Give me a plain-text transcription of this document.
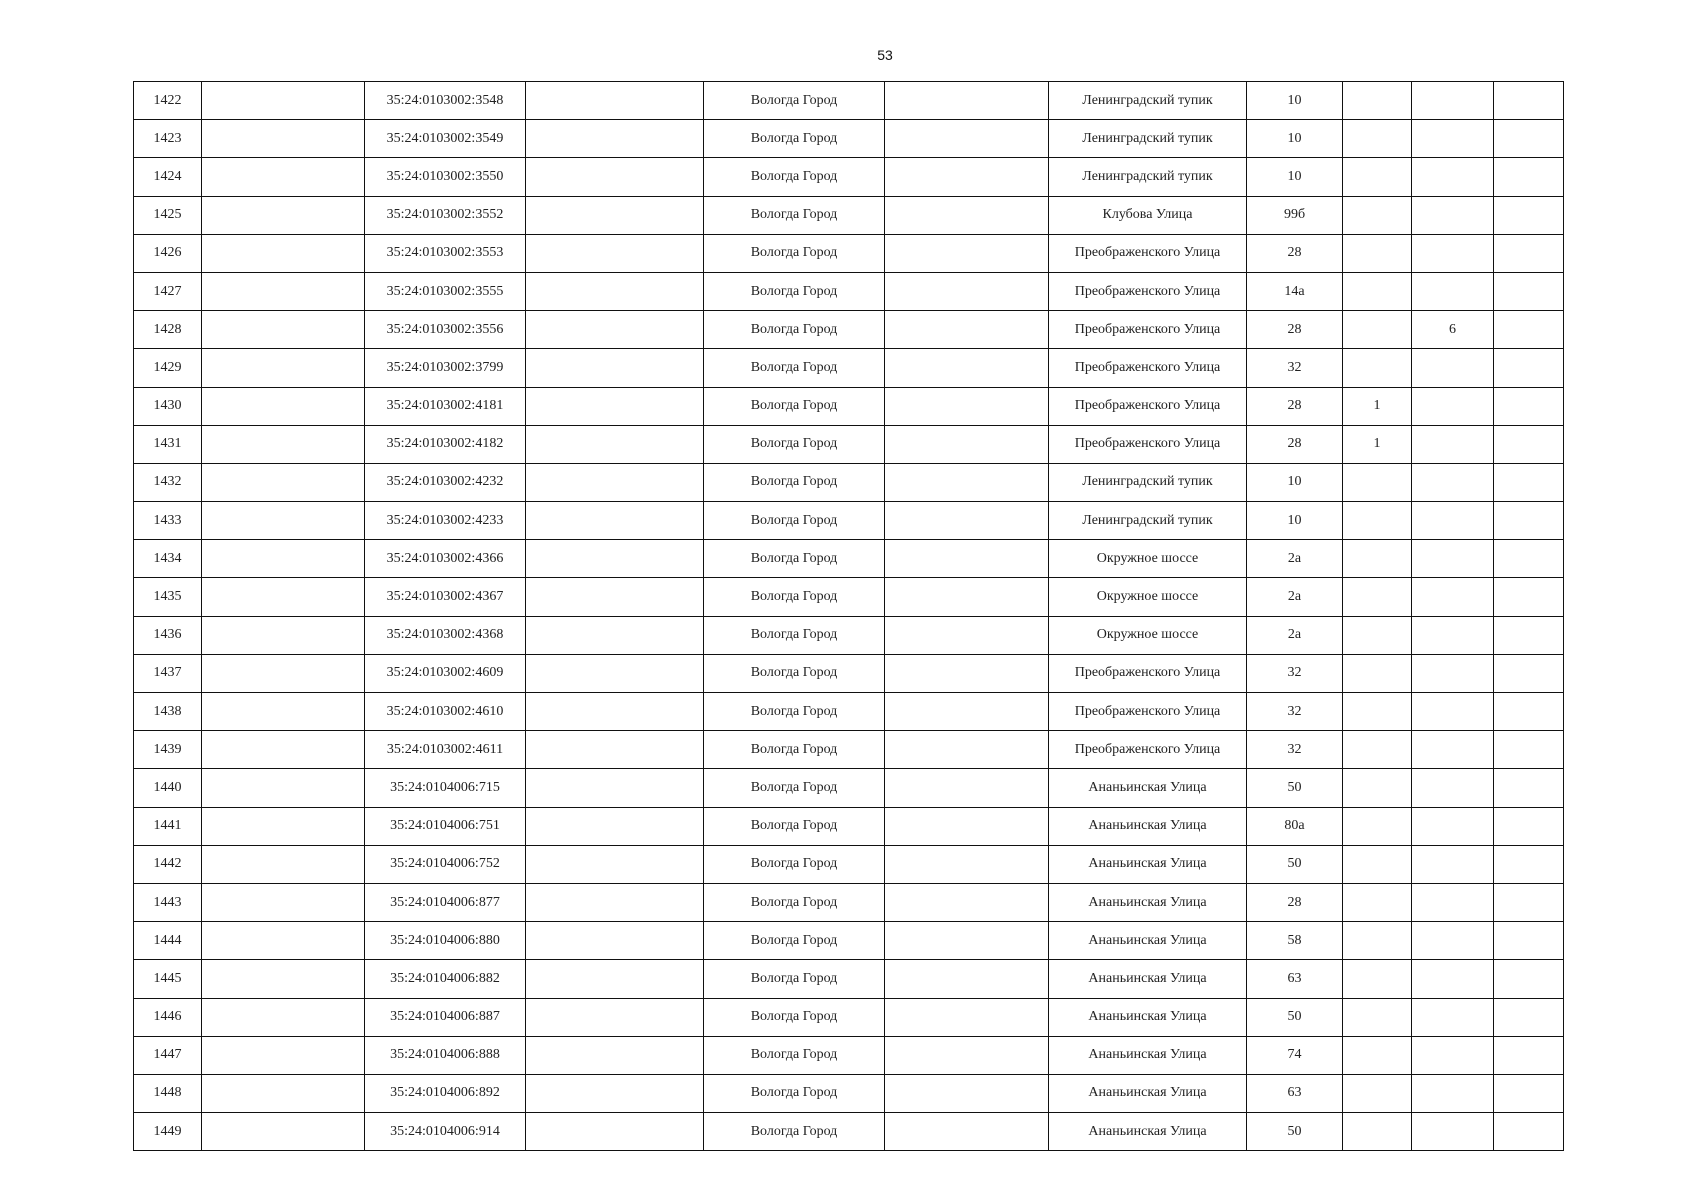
53
1422		35:24:0103002:3548		Вологда Город		Ленинградский тупик	10			
1423		35:24:0103002:3549		Вологда Город		Ленинградский тупик	10			
1424		35:24:0103002:3550		Вологда Город		Ленинградский тупик	10			
1425		35:24:0103002:3552		Вологда Город		Клубова Улица	99б			
1426		35:24:0103002:3553		Вологда Город		Преображенского Улица	28			
1427		35:24:0103002:3555		Вологда Город		Преображенского Улица	14а			
1428		35:24:0103002:3556		Вологда Город		Преображенского Улица	28		6	
1429		35:24:0103002:3799		Вологда Город		Преображенского Улица	32			
1430		35:24:0103002:4181		Вологда Город		Преображенского Улица	28	1		
1431		35:24:0103002:4182		Вологда Город		Преображенского Улица	28	1		
1432		35:24:0103002:4232		Вологда Город		Ленинградский тупик	10			
1433		35:24:0103002:4233		Вологда Город		Ленинградский тупик	10			
1434		35:24:0103002:4366		Вологда Город		Окружное шоссе	2а			
1435		35:24:0103002:4367		Вологда Город		Окружное шоссе	2а			
1436		35:24:0103002:4368		Вологда Город		Окружное шоссе	2а			
1437		35:24:0103002:4609		Вологда Город		Преображенского Улица	32			
1438		35:24:0103002:4610		Вологда Город		Преображенского Улица	32			
1439		35:24:0103002:4611		Вологда Город		Преображенского Улица	32			
1440		35:24:0104006:715		Вологда Город		Ананьинская Улица	50			
1441		35:24:0104006:751		Вологда Город		Ананьинская Улица	80а			
1442		35:24:0104006:752		Вологда Город		Ананьинская Улица	50			
1443		35:24:0104006:877		Вологда Город		Ананьинская Улица	28			
1444		35:24:0104006:880		Вологда Город		Ананьинская Улица	58			
1445		35:24:0104006:882		Вологда Город		Ананьинская Улица	63			
1446		35:24:0104006:887		Вологда Город		Ананьинская Улица	50			
1447		35:24:0104006:888		Вологда Город		Ананьинская Улица	74			
1448		35:24:0104006:892		Вологда Город		Ананьинская Улица	63			
1449		35:24:0104006:914		Вологда Город		Ананьинская Улица	50			
